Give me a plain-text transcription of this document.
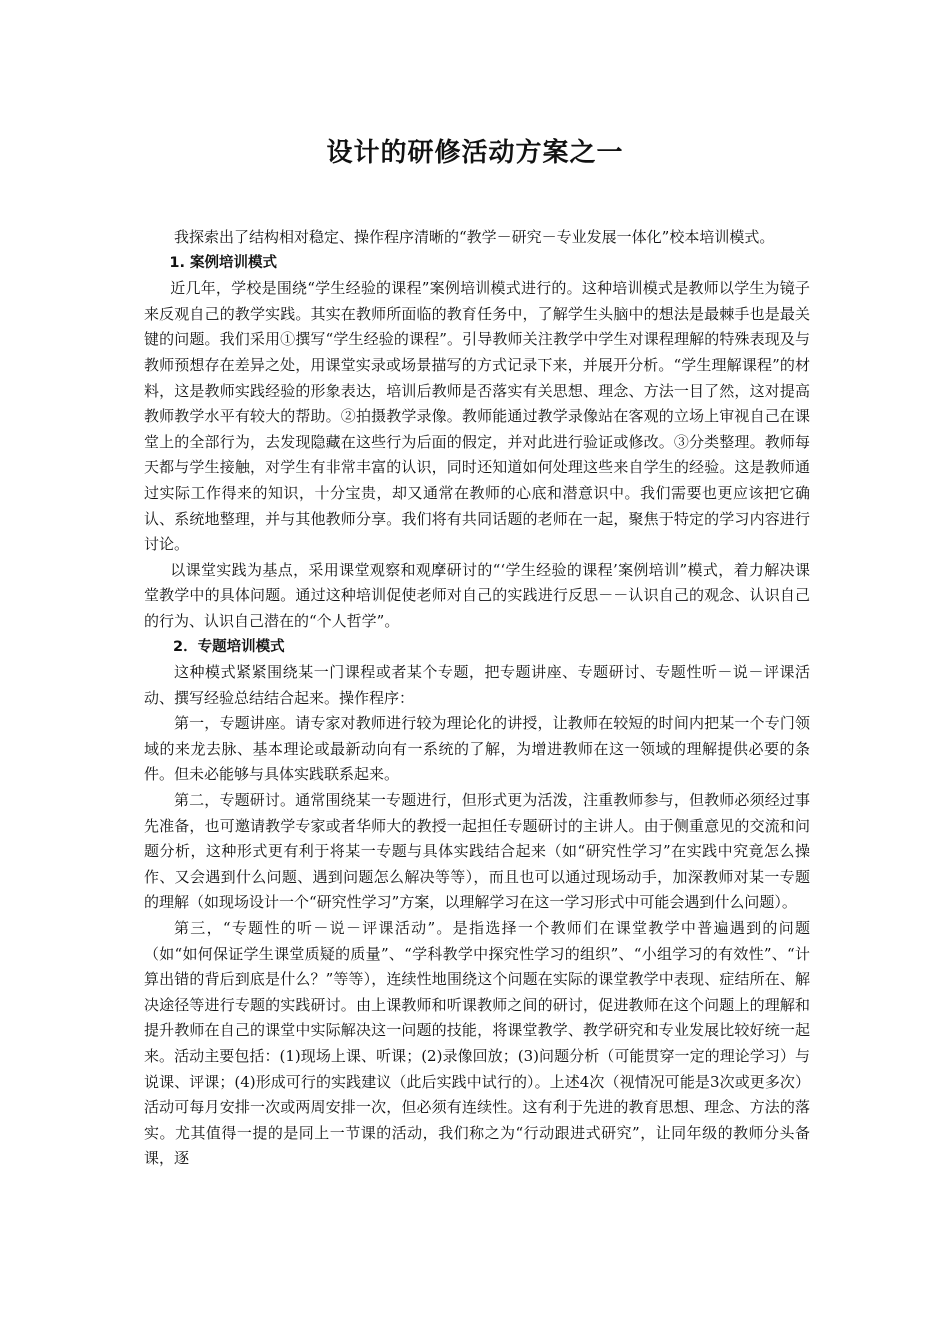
设计的研修活动方案之一

我探索出了结构相对稳定、操作程序清晰的“教学－研究－专业发展一体化”校本培训模式。

1. 案例培训模式

近几年，学校是围绕“学生经验的课程”案例培训模式进行的。这种培训模式是教师以学生为镜子来反观自己的教学实践。其实在教师所面临的教育任务中，了解学生头脑中的想法是最棘手也是最关键的问题。我们采用①撰写“学生经验的课程”。引导教师关注教学中学生对课程理解的特殊表现及与教师预想存在差异之处，用课堂实录或场景描写的方式记录下来，并展开分析。“学生理解课程”的材料，这是教师实践经验的形象表达，培训后教师是否落实有关思想、理念、方法一目了然，这对提高教师教学水平有较大的帮助。②拍摄教学录像。教师能通过教学录像站在客观的立场上审视自己在课堂上的全部行为，去发现隐藏在这些行为后面的假定，并对此进行验证或修改。③分类整理。教师每天都与学生接触，对学生有非常丰富的认识，同时还知道如何处理这些来自学生的经验。这是教师通过实际工作得来的知识，十分宝贵，却又通常在教师的心底和潜意识中。我们需要也更应该把它确认、系统地整理，并与其他教师分享。我们将有共同话题的老师在一起，聚焦于特定的学习内容进行讨论。

以课堂实践为基点，采用课堂观察和观摩研讨的“‘学生经验的课程’案例培训”模式，着力解决课堂教学中的具体问题。通过这种培训促使老师对自己的实践进行反思－－认识自己的观念、认识自己的行为、认识自己潜在的“个人哲学”。

2．专题培训模式

这种模式紧紧围绕某一门课程或者某个专题，把专题讲座、专题研讨、专题性听－说－评课活动、撰写经验总结结合起来。操作程序：

第一，专题讲座。请专家对教师进行较为理论化的讲授，让教师在较短的时间内把某一个专门领域的来龙去脉、基本理论或最新动向有一系统的了解，为增进教师在这一领域的理解提供必要的条件。但未必能够与具体实践联系起来。

第二，专题研讨。通常围绕某一专题进行，但形式更为活泼，注重教师参与，但教师必须经过事先准备，也可邀请教学专家或者华师大的教授一起担任专题研讨的主讲人。由于侧重意见的交流和问题分析，这种形式更有利于将某一专题与具体实践结合起来（如“研究性学习”在实践中究竟怎么操作、又会遇到什么问题、遇到问题怎么解决等等），而且也可以通过现场动手，加深教师对某一专题的理解（如现场设计一个“研究性学习”方案，以理解学习在这一学习形式中可能会遇到什么问题）。

第三，“专题性的听－说－评课活动”。是指选择一个教师们在课堂教学中普遍遇到的问题（如“如何保证学生课堂质疑的质量”、“学科教学中探究性学习的组织”、“小组学习的有效性”、“计算出错的背后到底是什么？”等等），连续性地围绕这个问题在实际的课堂教学中表现、症结所在、解决途径等进行专题的实践研讨。由上课教师和听课教师之间的研讨，促进教师在这个问题上的理解和提升教师在自己的课堂中实际解决这一问题的技能，将课堂教学、教学研究和专业发展比较好统一起来。活动主要包括：(1)现场上课、听课；(2)录像回放；(3)问题分析（可能贯穿一定的理论学习）与说课、评课；(4)形成可行的实践建议（此后实践中试行的）。上述4次（视情况可能是3次或更多次）活动可每月安排一次或两周安排一次，但必须有连续性。这有利于先进的教育思想、理念、方法的落实。尤其值得一提的是同上一节课的活动，我们称之为“行动跟进式研究”，让同年级的教师分头备课，逐
